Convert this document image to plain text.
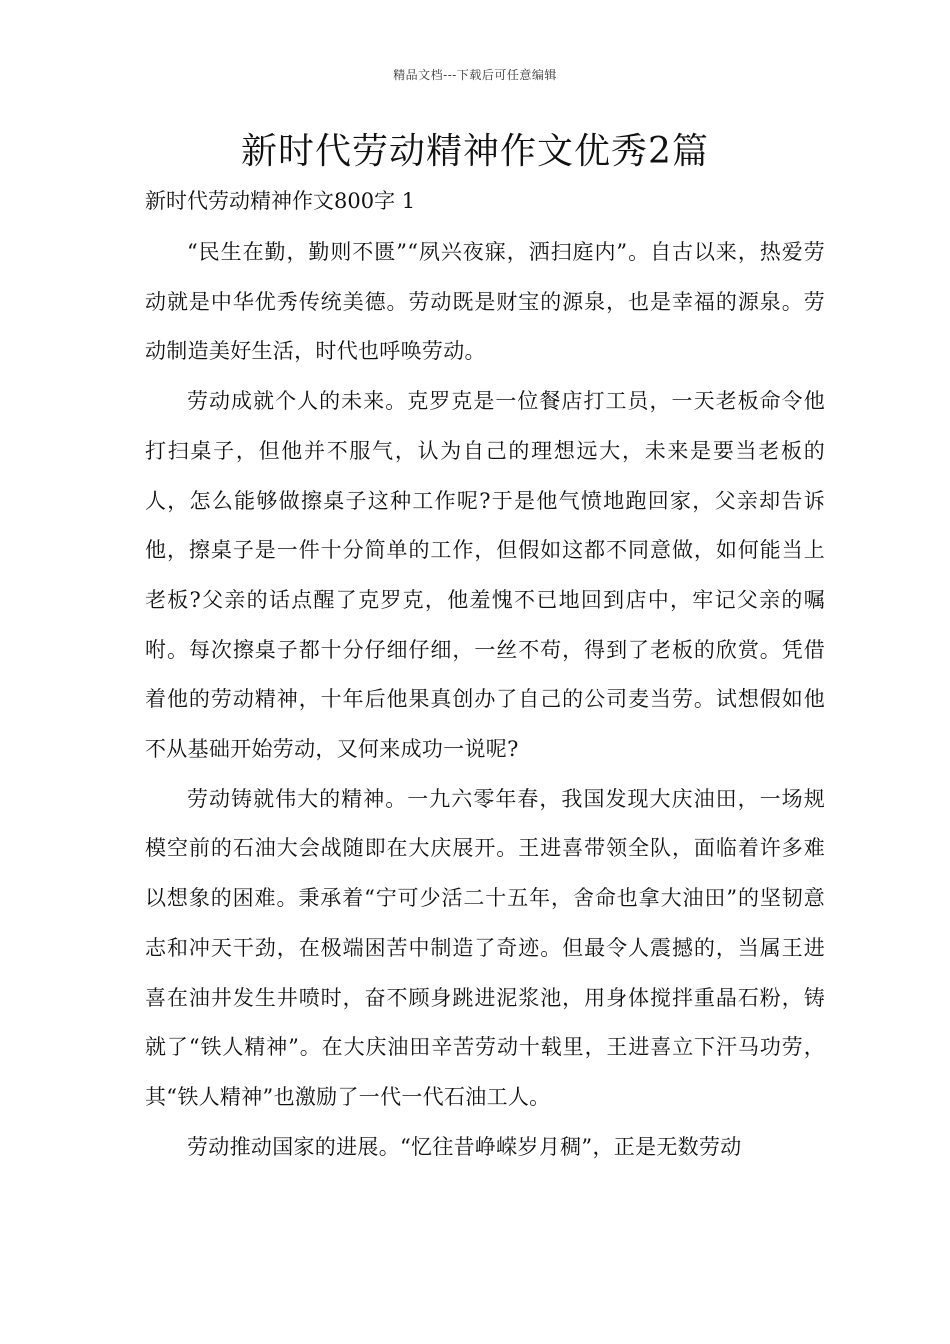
精品文档---下载后可任意编辑
新时代劳动精神作文优秀2篇

新时代劳动精神作文800字 1

“民生在勤，勤则不匮”“夙兴夜寐，洒扫庭内”。自古以来，热爱劳动就是中华优秀传统美德。劳动既是财宝的源泉，也是幸福的源泉。劳动制造美好生活，时代也呼唤劳动。

劳动成就个人的未来。克罗克是一位餐店打工员，一天老板命令他打扫桌子，但他并不服气，认为自己的理想远大，未来是要当老板的人，怎么能够做擦桌子这种工作呢?于是他气愤地跑回家，父亲却告诉他，擦桌子是一件十分简单的工作，但假如这都不同意做，如何能当上老板?父亲的话点醒了克罗克，他羞愧不已地回到店中，牢记父亲的嘱咐。每次擦桌子都十分仔细仔细，一丝不苟，得到了老板的欣赏。凭借着他的劳动精神，十年后他果真创办了自己的公司麦当劳。试想假如他不从基础开始劳动，又何来成功一说呢?

劳动铸就伟大的精神。一九六零年春，我国发现大庆油田，一场规模空前的石油大会战随即在大庆展开。王进喜带领全队，面临着许多难以想象的困难。秉承着“宁可少活二十五年，舍命也拿大油田”的坚韧意志和冲天干劲，在极端困苦中制造了奇迹。但最令人震撼的，当属王进喜在油井发生井喷时，奋不顾身跳进泥浆池，用身体搅拌重晶石粉，铸就了“铁人精神”。在大庆油田辛苦劳动十载里，王进喜立下汗马功劳，其“铁人精神”也激励了一代一代石油工人。

劳动推动国家的进展。“忆往昔峥嵘岁月稠”，正是无数劳动
